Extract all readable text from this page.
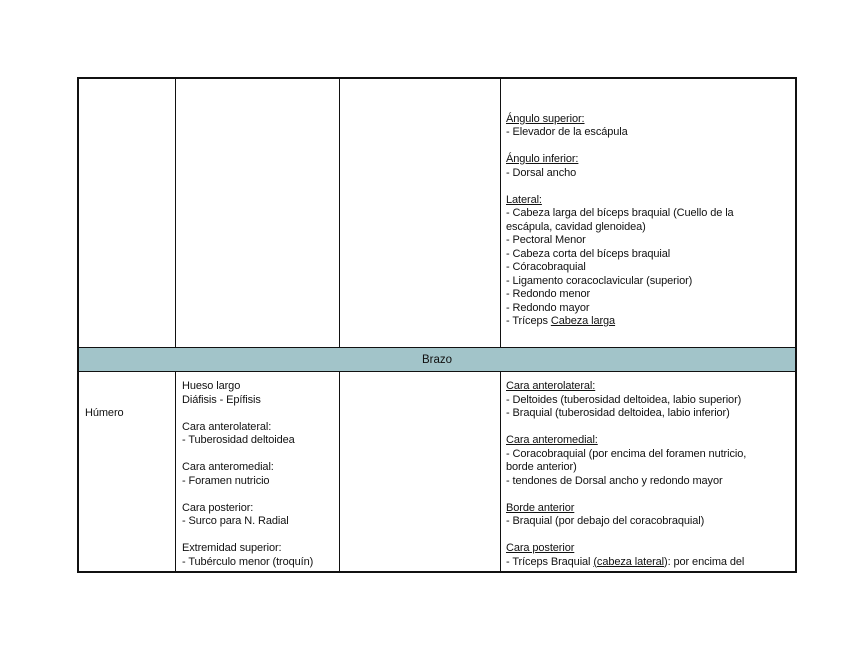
Brazo
Ángulo superior:
- Elevador de la escápula
Ángulo inferior:
- Dorsal ancho
Lateral:
- Cabeza larga del bíceps braquial (Cuello de la
escápula, cavidad glenoidea)
- Pectoral Menor
- Cabeza corta del bíceps braquial
- Córacobraquial
- Ligamento coracoclavicular (superior)
- Redondo menor
- Redondo mayor
- Tríceps Cabeza larga

Húmero

Hueso largo
Diáfisis - Epífisis
Cara anterolateral:
- Tuberosidad deltoidea
Cara anteromedial:
- Foramen nutricio
Cara posterior:
- Surco para N. Radial
Extremidad superior:
- Tubérculo menor (troquín)
Cara anterolateral:
- Deltoides (tuberosidad deltoidea, labio superior)
- Braquial (tuberosidad deltoidea, labio inferior)
Cara anteromedial:
- Coracobraquial (por encima del foramen nutricio,
borde anterior)
- tendones de Dorsal ancho y redondo mayor
Borde anterior
- Braquial (por debajo del coracobraquial)
Cara posterior
- Tríceps Braquial (cabeza lateral): por encima del
